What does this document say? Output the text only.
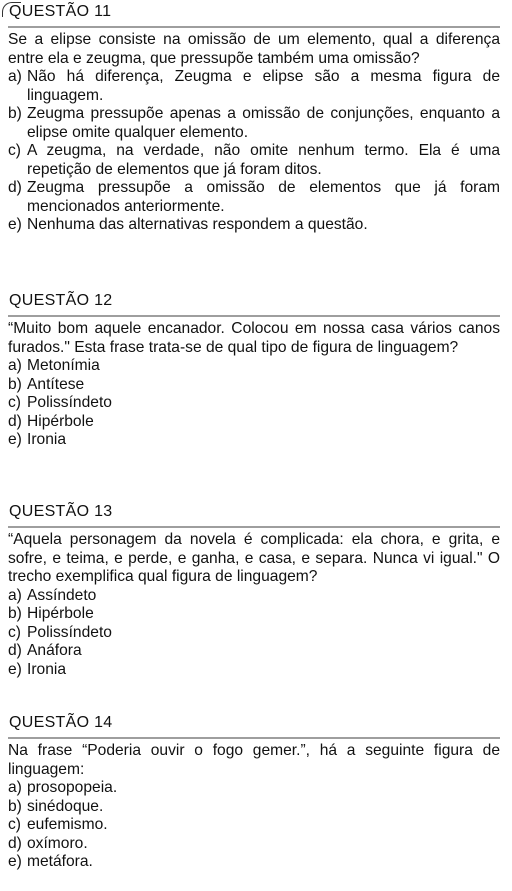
QUESTÃO 11
Se a elipse consiste na omissão de um elemento, qual a diferença entre ela e zeugma, que pressupõe também uma omissão?
a) Não há diferença, Zeugma e elipse são a mesma figura de linguagem.
b) Zeugma pressupõe apenas a omissão de conjunções, enquanto a elipse omite qualquer elemento.
c) A zeugma, na verdade, não omite nenhum termo. Ela é uma repetição de elementos que já foram ditos.
d) Zeugma pressupõe a omissão de elementos que já foram mencionados anteriormente.
e) Nenhuma das alternativas respondem a questão.
QUESTÃO 12
“Muito bom aquele encanador. Colocou em nossa casa vários canos furados." Esta frase trata-se de qual tipo de figura de linguagem?
a) Metonímia
b) Antítese
c) Polissíndeto
d) Hipérbole
e) Ironia
QUESTÃO 13
“Aquela personagem da novela é complicada: ela chora, e grita, e sofre, e teima, e perde, e ganha, e casa, e separa. Nunca vi igual." O trecho exemplifica qual figura de linguagem?
a) Assíndeto
b) Hipérbole
c) Polissíndeto
d) Anáfora
e) Ironia
QUESTÃO 14
Na frase “Poderia ouvir o fogo gemer.”, há a seguinte figura de linguagem:
a) prosopopeia.
b) sinédoque.
c) eufemismo.
d) oxímoro.
e) metáfora.
